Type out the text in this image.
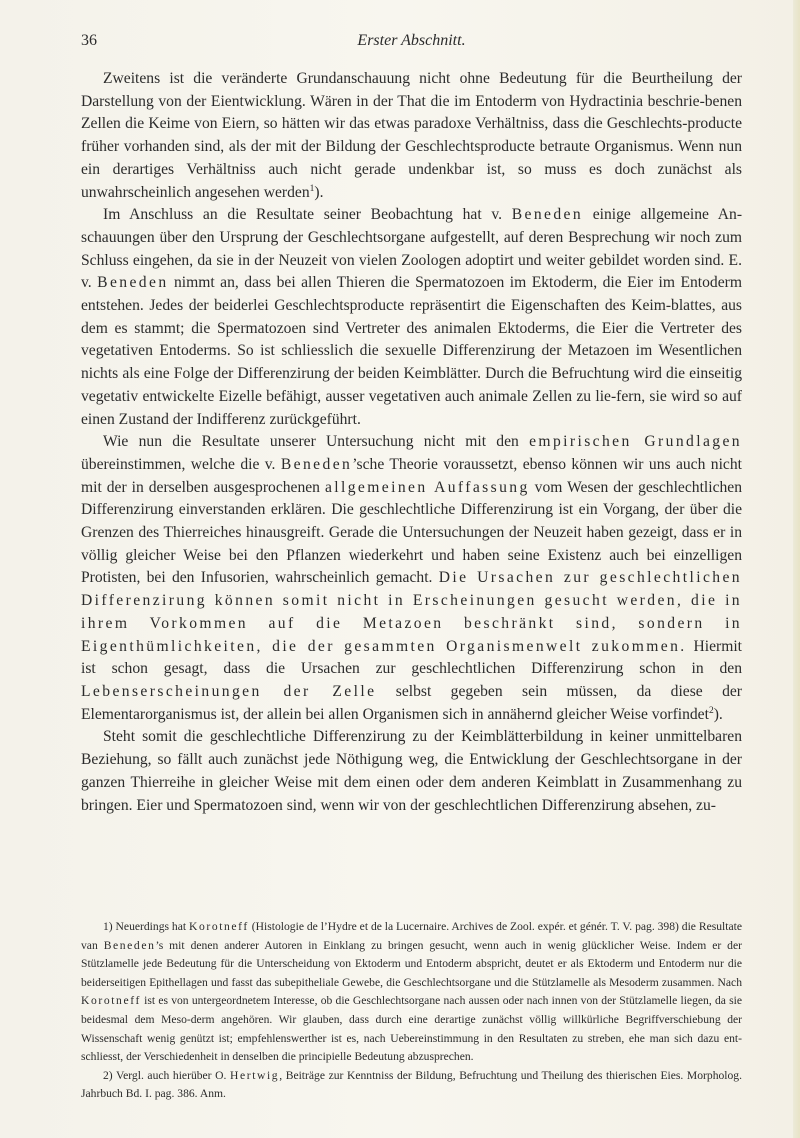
36	Erster Abschnitt.

Zweitens ist die veränderte Grundanschauung nicht ohne Bedeutung für die Beurtheilung der Darstellung von der Eientwicklung. Wären in der That die im Entoderm von Hydractinia beschrie-benen Zellen die Keime von Eiern, so hätten wir das etwas paradoxe Verhältniss, dass die Geschlechts-producte früher vorhanden sind, als der mit der Bildung der Geschlechtsproducte betraute Organismus. Wenn nun ein derartiges Verhältniss auch nicht gerade undenkbar ist, so muss es doch zunächst als unwahrscheinlich angesehen werden$^1$).

Im Anschluss an die Resultate seiner Beobachtung hat v. Beneden einige allgemeine An-schauungen über den Ursprung der Geschlechtsorgane aufgestellt, auf deren Besprechung wir noch zum Schluss eingehen, da sie in der Neuzeit von vielen Zoologen adoptirt und weiter gebildet worden sind. E. v. Beneden nimmt an, dass bei allen Thieren die Spermatozoen im Ektoderm, die Eier im Entoderm entstehen. Jedes der beiderlei Geschlechtsproducte repräsentirt die Eigenschaften des Keim-blattes, aus dem es stammt; die Spermatozoen sind Vertreter des animalen Ektoderms, die Eier die Vertreter des vegetativen Entoderms. So ist schliesslich die sexuelle Differenzirung der Metazoen im Wesentlichen nichts als eine Folge der Differenzirung der beiden Keimblätter. Durch die Befruchtung wird die einseitig vegetativ entwickelte Eizelle befähigt, ausser vegetativen auch animale Zellen zu lie-fern, sie wird so auf einen Zustand der Indifferenz zurückgeführt.

Wie nun die Resultate unserer Untersuchung nicht mit den empirischen Grundlagen übereinstimmen, welche die v. Beneden’sche Theorie voraussetzt, ebenso können wir uns auch nicht mit der in derselben ausgesprochenen allgemeinen Auffassung vom Wesen der geschlechtlichen Differenzirung einverstanden erklären. Die geschlechtliche Differenzirung ist ein Vorgang, der über die Grenzen des Thierreiches hinausgreift. Gerade die Untersuchungen der Neuzeit haben gezeigt, dass er in völlig gleicher Weise bei den Pflanzen wiederkehrt und haben seine Existenz auch bei einzelligen Protisten, bei den Infusorien, wahrscheinlich gemacht. Die Ursachen zur geschlechtlichen Differenzirung können somit nicht in Erscheinungen gesucht werden, die in ihrem Vorkommen auf die Metazoen beschränkt sind, sondern in Eigenthümlichkeiten, die der gesammten Organismenwelt zukommen. Hiermit ist schon gesagt, dass die Ursachen zur geschlechtlichen Differenzirung schon in den Lebenserscheinungen der Zelle selbst gegeben sein müssen, da diese der Elementarorganismus ist, der allein bei allen Organismen sich in annähernd gleicher Weise vorfindet$^2$).

Steht somit die geschlechtliche Differenzirung zu der Keimblätterbildung in keiner unmittelbaren Beziehung, so fällt auch zunächst jede Nöthigung weg, die Entwicklung der Geschlechtsorgane in der ganzen Thierreihe in gleicher Weise mit dem einen oder dem anderen Keimblatt in Zusammenhang zu bringen. Eier und Spermatozoen sind, wenn wir von der geschlechtlichen Differenzirung absehen, zu-

1) Neuerdings hat Korotneff (Histologie de l’Hydre et de la Lucernaire. Archives de Zool. expér. et génér. T. V. pag. 398) die Resultate van Beneden’s mit denen anderer Autoren in Einklang zu bringen gesucht, wenn auch in wenig glücklicher Weise. Indem er der Stützlamelle jede Bedeutung für die Unterscheidung von Ektoderm und Entoderm abspricht, deutet er als Ektoderm und Entoderm nur die beiderseitigen Epithellagen und fasst das subepitheliale Gewebe, die Geschlechtsorgane und die Stützlamelle als Mesoderm zusammen. Nach Korotneff ist es von untergeordnetem Interesse, ob die Geschlechtsorgane nach aussen oder nach innen von der Stützlamelle liegen, da sie beidesmal dem Meso-derm angehören. Wir glauben, dass durch eine derartige zunächst völlig willkürliche Begriffverschiebung der Wissenschaft wenig genützt ist; empfehlenswerther ist es, nach Uebereinstimmung in den Resultaten zu streben, ehe man sich dazu ent-schliesst, der Verschiedenheit in denselben die principielle Bedeutung abzusprechen.

2) Vergl. auch hierüber O. Hertwig, Beiträge zur Kenntniss der Bildung, Befruchtung und Theilung des thierischen Eies. Morpholog. Jahrbuch Bd. I. pag. 386. Anm.
